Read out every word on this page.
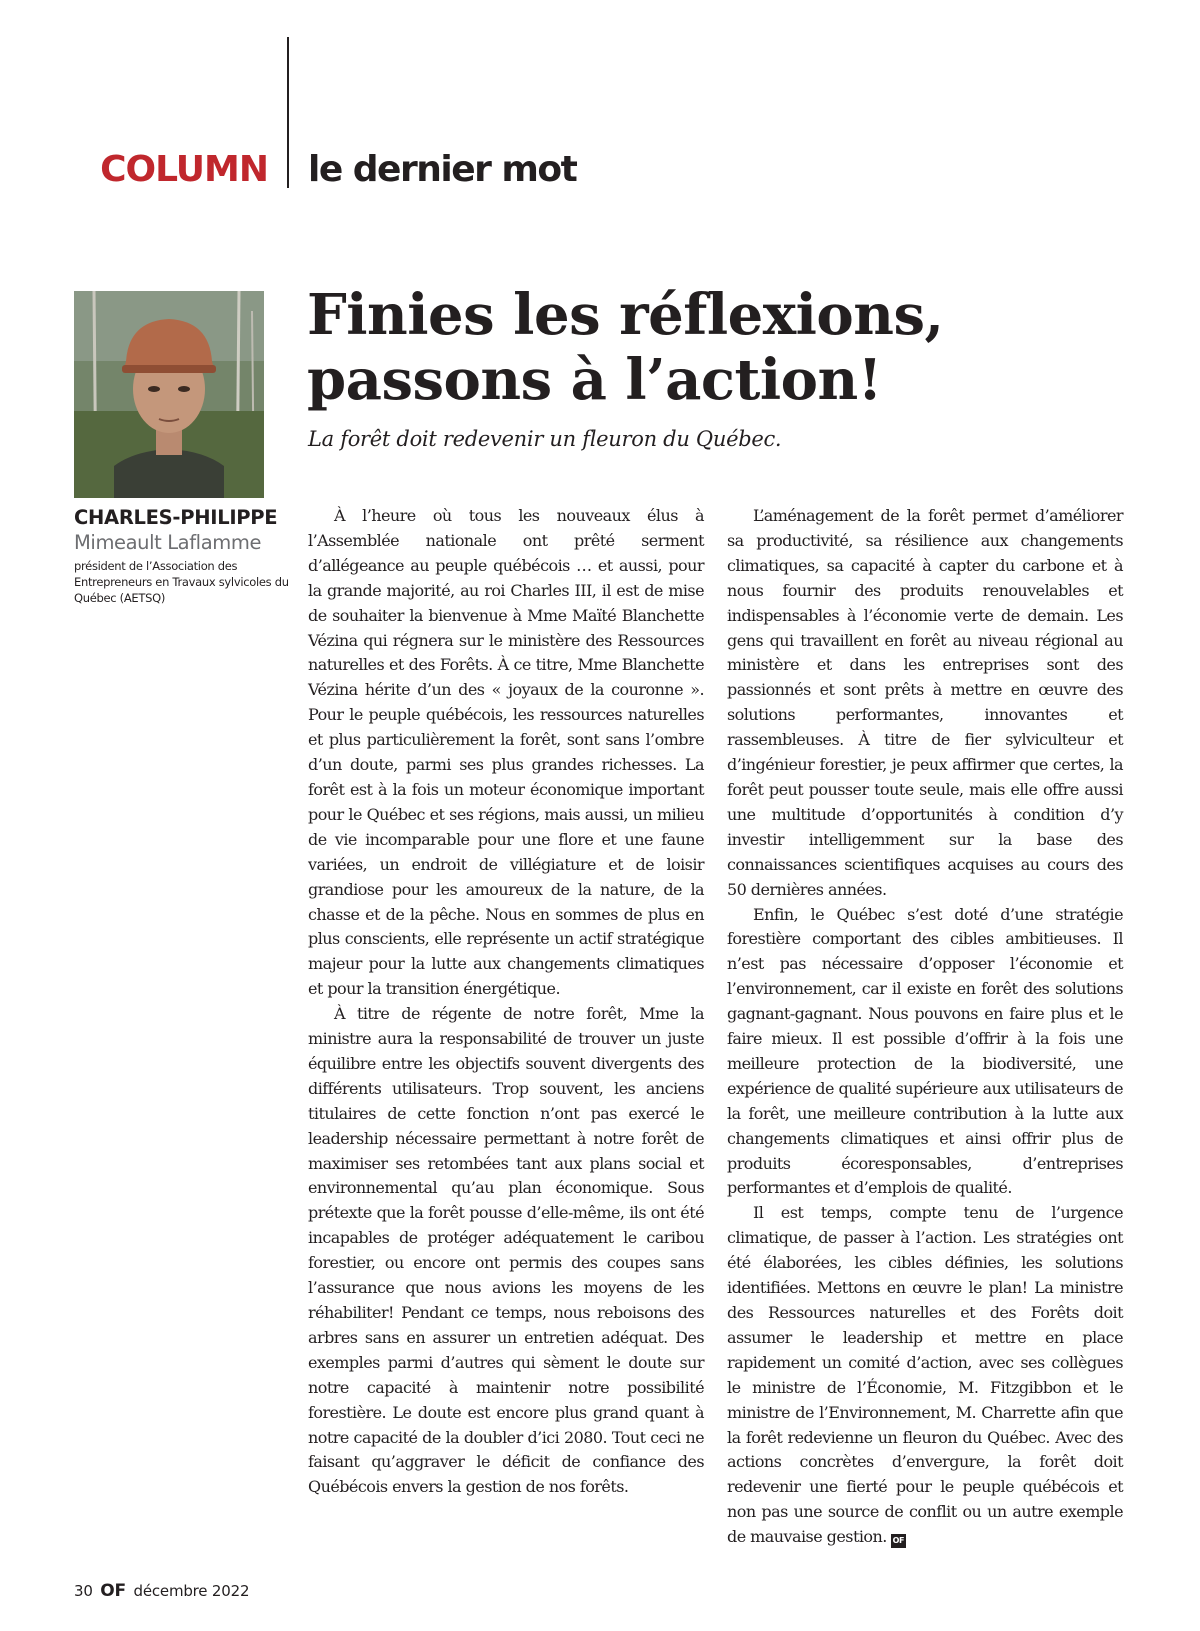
COLUMN le dernier mot
CHARLES-PHILIPPE
Mimeault Laflamme
président de l’Association des Entrepreneurs en Travaux sylvicoles du Québec (AETSQ)
Finies les réflexions,
passons à l’action!
La forêt doit redevenir un fleuron du Québec.

À l’heure où tous les nouveaux élus à l’Assemblée nationale ont prêté serment d’allégeance au peuple québécois … et aussi, pour la grande majorité, au roi Charles III, il est de mise de souhaiter la bienvenue à Mme Maïté Blanchette Vézina qui régnera sur le ministère des Ressources naturelles et des Forêts. À ce titre, Mme Blanchette Vézina hérite d’un des « joyaux de la couronne ». Pour le peuple québécois, les ressources naturelles et plus particulièrement la forêt, sont sans l’ombre d’un doute, parmi ses plus grandes richesses. La forêt est à la fois un moteur économique important pour le Québec et ses régions, mais aussi, un milieu de vie incomparable pour une flore et une faune variées, un endroit de villégiature et de loisir grandiose pour les amoureux de la nature, de la chasse et de la pêche. Nous en sommes de plus en plus conscients, elle représente un actif stratégique majeur pour la lutte aux changements climatiques et pour la transition énergétique.

À titre de régente de notre forêt, Mme la ministre aura la responsabilité de trouver un juste équilibre entre les objectifs souvent divergents des différents utilisateurs. Trop souvent, les anciens titulaires de cette fonction n’ont pas exercé le leadership nécessaire permettant à notre forêt de maximiser ses retombées tant aux plans social et environnemental qu’au plan économique. Sous prétexte que la forêt pousse d’elle-même, ils ont été incapables de protéger adéquatement le caribou forestier, ou encore ont permis des coupes sans l’assurance que nous avions les moyens de les réhabiliter! Pendant ce temps, nous reboisons des arbres sans en assurer un entretien adéquat. Des exemples parmi d’autres qui sèment le doute sur notre capacité à maintenir notre possibilité forestière. Le doute est encore plus grand quant à notre capacité de la doubler d’ici 2080. Tout ceci ne faisant qu’aggraver le déficit de confiance des Québécois envers la gestion de nos forêts.

L’aménagement de la forêt permet d’améliorer sa productivité, sa résilience aux changements climatiques, sa capacité à capter du carbone et à nous fournir des produits renouvelables et indispensables à l’économie verte de demain. Les gens qui travaillent en forêt au niveau régional au ministère et dans les entreprises sont des passionnés et sont prêts à mettre en œuvre des solutions performantes, innovantes et rassembleuses. À titre de fier sylviculteur et d’ingénieur forestier, je peux affirmer que certes, la forêt peut pousser toute seule, mais elle offre aussi une multitude d’opportunités à condition d’y investir intelligemment sur la base des connaissances scientifiques acquises au cours des 50 dernières années.

Enfin, le Québec s’est doté d’une stratégie forestière comportant des cibles ambitieuses. Il n’est pas nécessaire d’opposer l’économie et l’environnement, car il existe en forêt des solutions gagnant-gagnant. Nous pouvons en faire plus et le faire mieux. Il est possible d’offrir à la fois une meilleure protection de la biodiversité, une expérience de qualité supérieure aux utilisateurs de la forêt, une meilleure contribution à la lutte aux changements climatiques et ainsi offrir plus de produits écoresponsables, d’entreprises performantes et d’emplois de qualité.

Il est temps, compte tenu de l’urgence climatique, de passer à l’action. Les stratégies ont été élaborées, les cibles définies, les solutions identifiées. Mettons en œuvre le plan! La ministre des Ressources naturelles et des Forêts doit assumer le leadership et mettre en place rapidement un comité d’action, avec ses collègues le ministre de l’Économie, M. Fitzgibbon et le ministre de l’Environnement, M. Charrette afin que la forêt redevienne un fleuron du Québec. Avec des actions concrètes d’envergure, la forêt doit redevenir une fierté pour le peuple québécois et non pas une source de conflit ou un autre exemple de mauvaise gestion. OF

30 OF décembre 2022
